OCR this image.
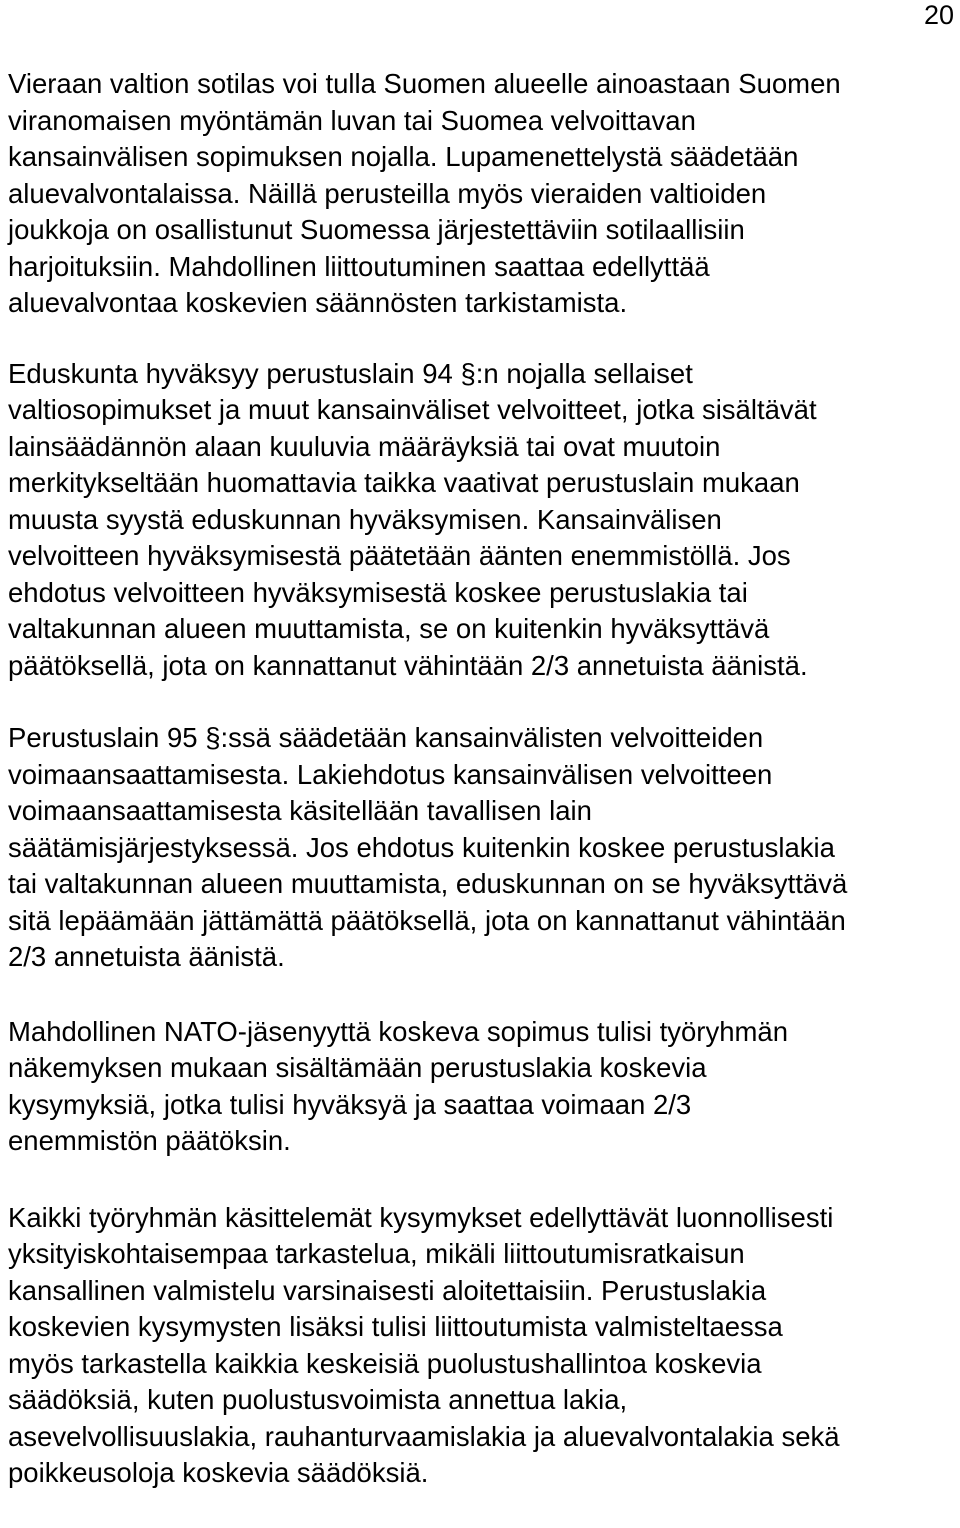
20

Vieraan valtion sotilas voi tulla Suomen alueelle ainoastaan Suomen
viranomaisen myöntämän luvan tai Suomea velvoittavan
kansainvälisen sopimuksen nojalla. Lupamenettelystä säädetään
aluevalvontalaissa. Näillä perusteilla myös vieraiden valtioiden
joukkoja on osallistunut Suomessa järjestettäviin sotilaallisiin
harjoituksiin. Mahdollinen liittoutuminen saattaa edellyttää
aluevalvontaa koskevien säännösten tarkistamista.

Eduskunta hyväksyy perustuslain 94 §:n nojalla sellaiset
valtiosopimukset ja muut kansainväliset velvoitteet, jotka sisältävät
lainsäädännön alaan kuuluvia määräyksiä tai ovat muutoin
merkitykseltään huomattavia taikka vaativat perustuslain mukaan
muusta syystä eduskunnan hyväksymisen. Kansainvälisen
velvoitteen hyväksymisestä päätetään äänten enemmistöllä. Jos
ehdotus velvoitteen hyväksymisestä koskee perustuslakia tai
valtakunnan alueen muuttamista, se on kuitenkin hyväksyttävä
päätöksellä, jota on kannattanut vähintään 2/3 annetuista äänistä.

Perustuslain 95 §:ssä säädetään kansainvälisten velvoitteiden
voimaansaattamisesta. Lakiehdotus kansainvälisen velvoitteen
voimaansaattamisesta käsitellään tavallisen lain
säätämisjärjestyksessä. Jos ehdotus kuitenkin koskee perustuslakia
tai valtakunnan alueen muuttamista, eduskunnan on se hyväksyttävä
sitä lepäämään jättämättä päätöksellä, jota on kannattanut vähintään
2/3 annetuista äänistä.

Mahdollinen NATO-jäsenyyttä koskeva sopimus tulisi työryhmän
näkemyksen mukaan sisältämään perustuslakia koskevia
kysymyksiä, jotka tulisi hyväksyä ja saattaa voimaan 2/3
enemmistön päätöksin.

Kaikki työryhmän käsittelemät kysymykset edellyttävät luonnollisesti
yksityiskohtaisempaa tarkastelua, mikäli liittoutumisratkaisun
kansallinen valmistelu varsinaisesti aloitettaisiin. Perustuslakia
koskevien kysymysten lisäksi tulisi liittoutumista valmisteltaessa
myös tarkastella kaikkia keskeisiä puolustushallintoa koskevia
säädöksiä, kuten puolustusvoimista annettua lakia,
asevelvollisuuslakia, rauhanturvaamislakia ja aluevalvontalakia sekä
poikkeusoloja koskevia säädöksiä.
